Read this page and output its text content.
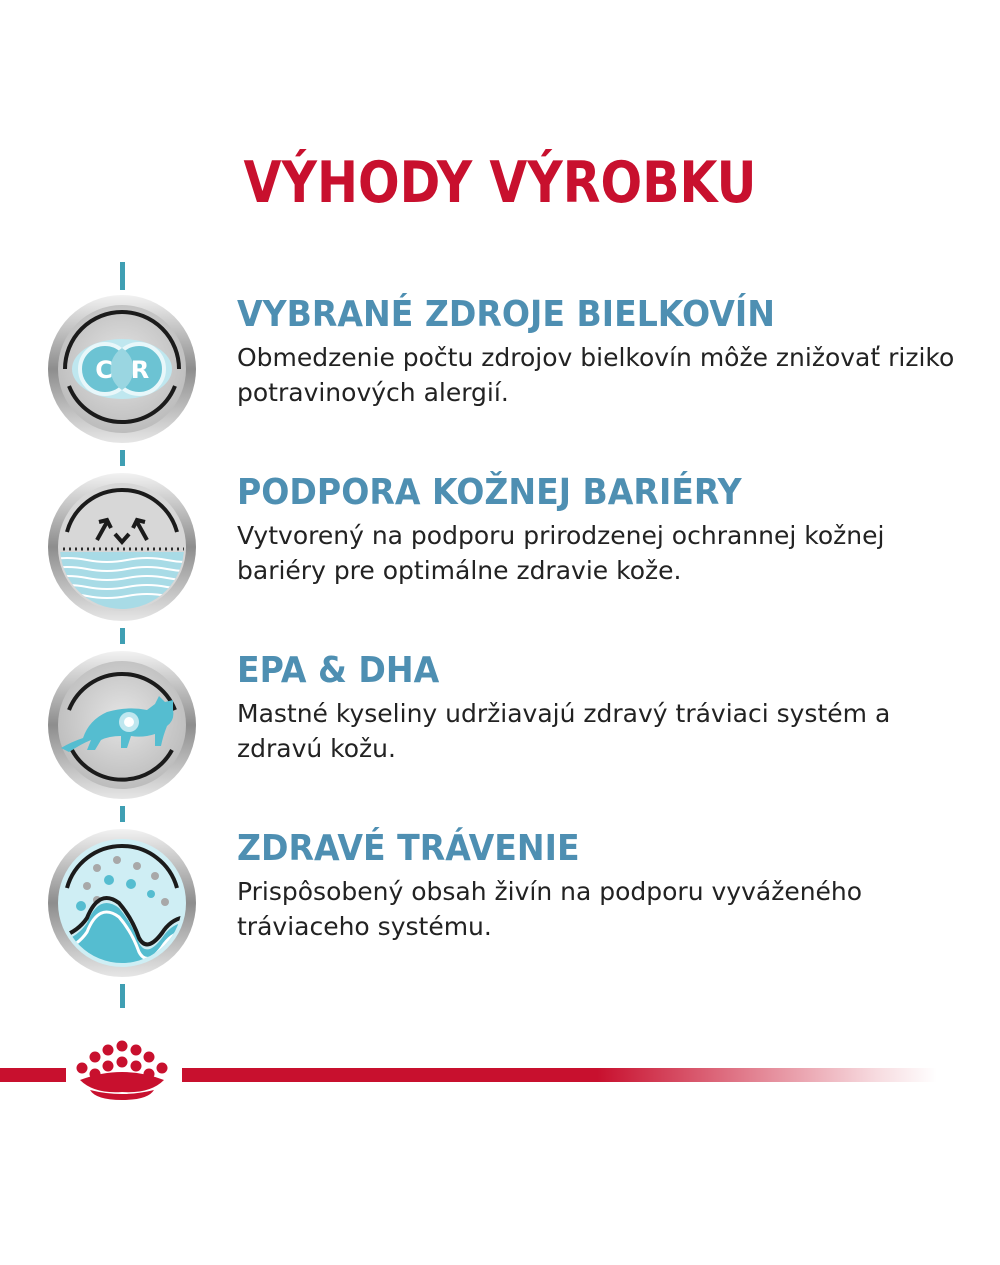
VÝHODY VÝROBKU
C R
VYBRANÉ ZDROJE BIELKOVÍN
Obmedzenie počtu zdrojov bielkovín môže znižovať riziko potravinových alergií.
PODPORA KOŽNEJ BARIÉRY
Vytvorený na podporu prirodzenej ochrannej kožnej bariéry pre optimálne zdravie kože.
EPA & DHA
Mastné kyseliny udržiavajú zdravý tráviaci systém a zdravú kožu.
ZDRAVÉ TRÁVENIE
Prispôsobený obsah živín na podporu vyváženého tráviaceho systému.
